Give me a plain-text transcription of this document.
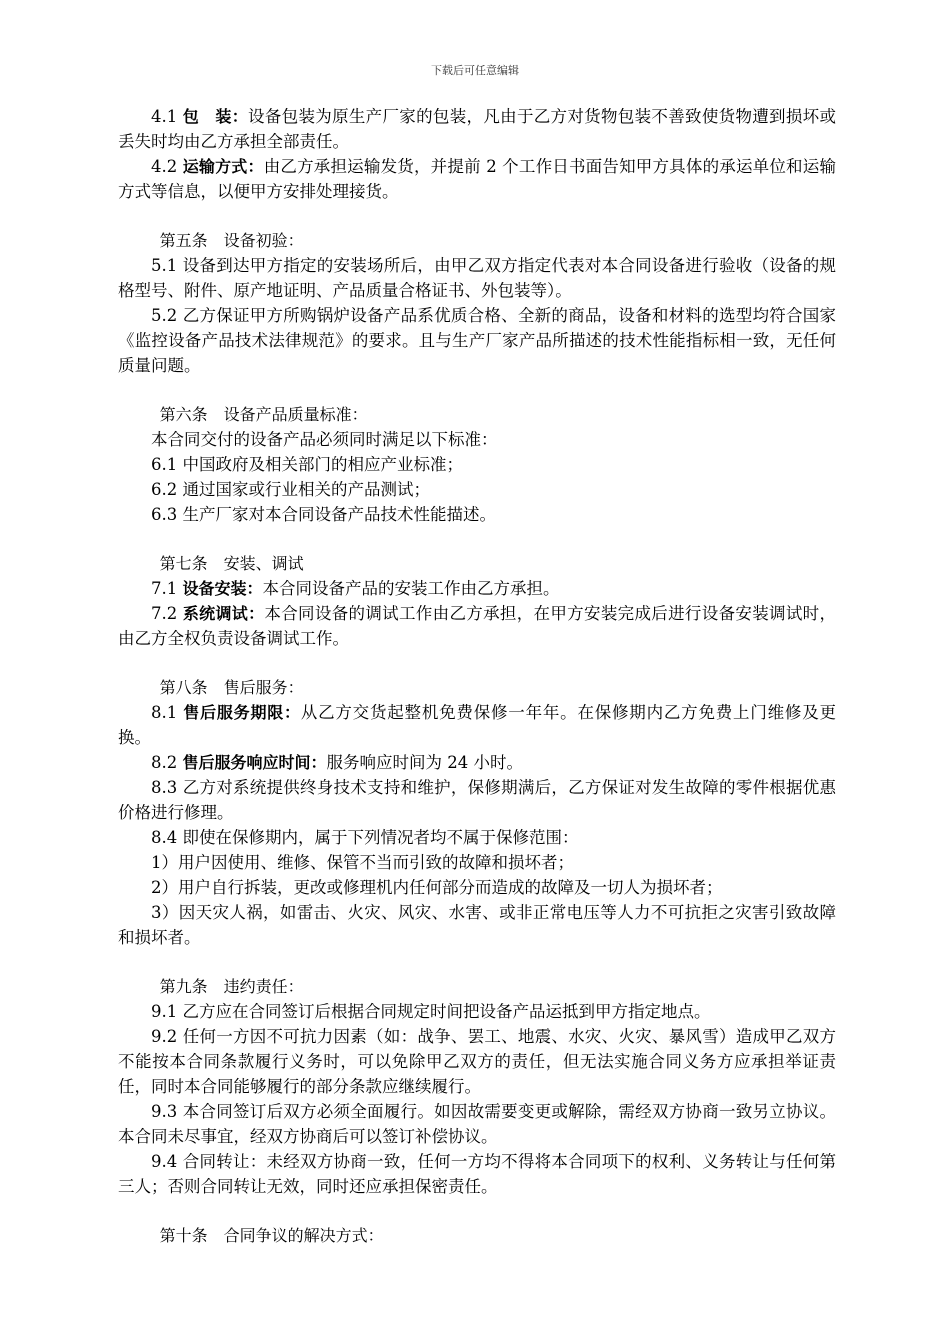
下载后可任意编辑

4.1 包　装：设备包装为原生产厂家的包装，凡由于乙方对货物包装不善致使货物遭到损坏或丢失时均由乙方承担全部责任。

4.2 运输方式：由乙方承担运输发货，并提前 2 个工作日书面告知甲方具体的承运单位和运输方式等信息，以便甲方安排处理接货。

第五条　设备初验：

5.1 设备到达甲方指定的安装场所后，由甲乙双方指定代表对本合同设备进行验收（设备的规格型号、附件、原产地证明、产品质量合格证书、外包装等）。

5.2 乙方保证甲方所购锅炉设备产品系优质合格、全新的商品，设备和材料的选型均符合国家《监控设备产品技术法律规范》的要求。且与生产厂家产品所描述的技术性能指标相一致，无任何质量问题。

第六条　设备产品质量标准：

本合同交付的设备产品必须同时满足以下标准：

6.1 中国政府及相关部门的相应产业标准；

6.2 通过国家或行业相关的产品测试；

6.3 生产厂家对本合同设备产品技术性能描述。

第七条　安装、调试

7.1 设备安装：本合同设备产品的安装工作由乙方承担。

7.2 系统调试：本合同设备的调试工作由乙方承担，在甲方安装完成后进行设备安装调试时，由乙方全权负责设备调试工作。

第八条　售后服务：

8.1 售后服务期限：从乙方交货起整机免费保修一年年。在保修期内乙方免费上门维修及更换。

8.2 售后服务响应时间：服务响应时间为 24 小时。

8.3 乙方对系统提供终身技术支持和维护，保修期满后，乙方保证对发生故障的零件根据优惠价格进行修理。

8.4 即使在保修期内，属于下列情况者均不属于保修范围：

1）用户因使用、维修、保管不当而引致的故障和损坏者；

2）用户自行拆装，更改或修理机内任何部分而造成的故障及一切人为损坏者；

3）因天灾人祸，如雷击、火灾、风灾、水害、或非正常电压等人力不可抗拒之灾害引致故障和损坏者。

第九条　违约责任：

9.1 乙方应在合同签订后根据合同规定时间把设备产品运抵到甲方指定地点。

9.2 任何一方因不可抗力因素（如：战争、罢工、地震、水灾、火灾、暴风雪）造成甲乙双方不能按本合同条款履行义务时，可以免除甲乙双方的责任，但无法实施合同义务方应承担举证责任，同时本合同能够履行的部分条款应继续履行。

9.3 本合同签订后双方必须全面履行。如因故需要变更或解除，需经双方协商一致另立协议。本合同未尽事宜，经双方协商后可以签订补偿协议。

9.4 合同转让：未经双方协商一致，任何一方均不得将本合同项下的权利、义务转让与任何第三人；否则合同转让无效，同时还应承担保密责任。

第十条　合同争议的解决方式：
